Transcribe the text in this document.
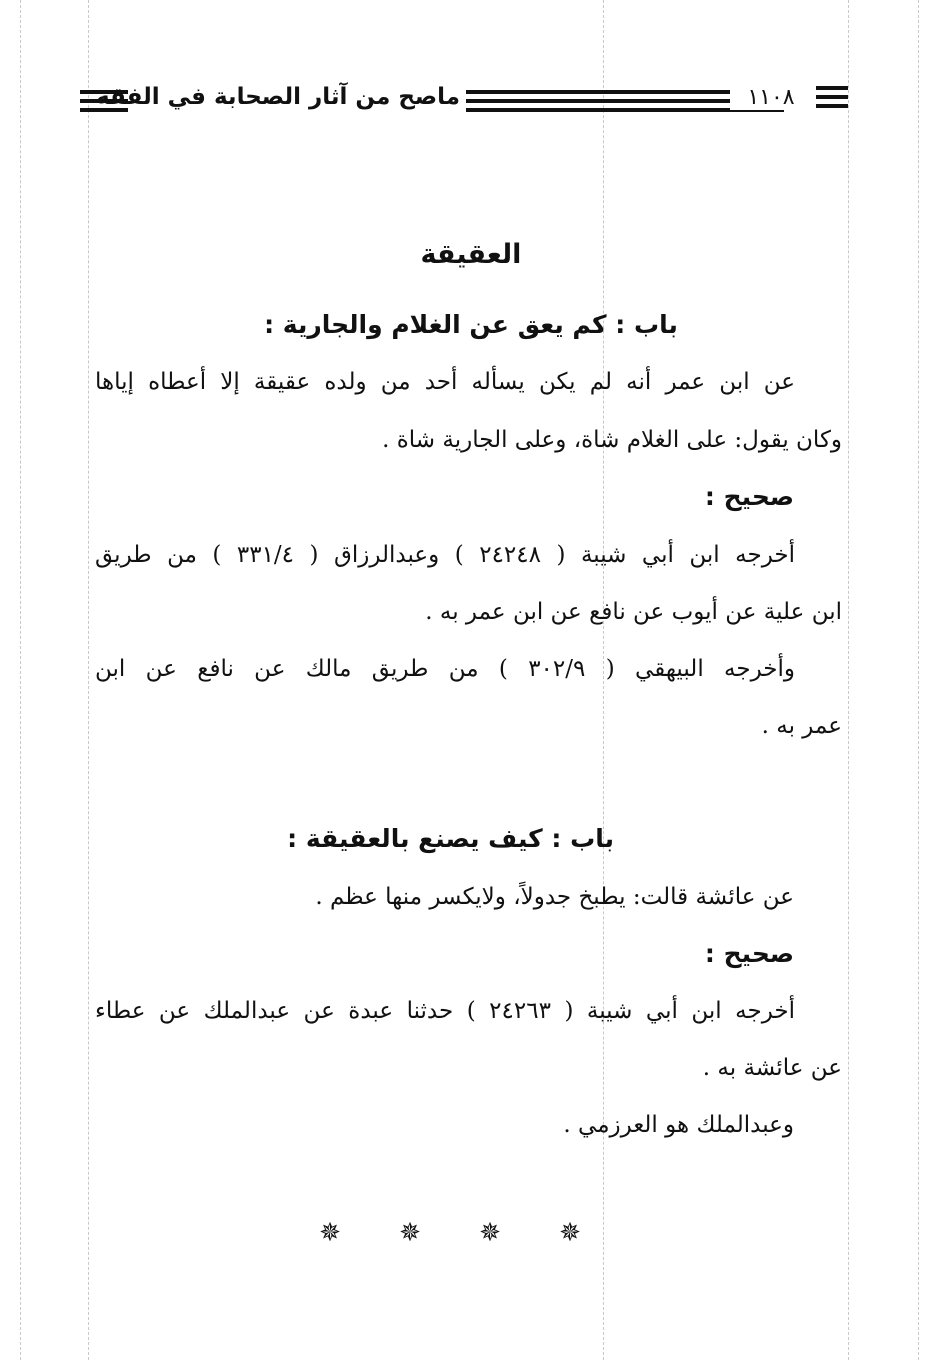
ماصح من آثار الصحابة في الفقه	١١٠٨
العقيقة
باب : كم يعق عن الغلام والجارية :
عن ابن عمر أنه لم يكن يسأله أحد من ولده عقيقة إلا أعطاه إياها
وكان يقول: على الغلام شاة، وعلى الجارية شاة .
صحيح :
أخرجه ابن أبي شيبة ( ٢٤٢٤٨ ) وعبدالرزاق ( ٣٣١/٤ ) من طريق
ابن علية عن أيوب عن نافع عن ابن عمر به .
وأخرجه البيهقي ( ٣٠٢/٩ ) من طريق مالك عن نافع عن ابن
عمر به .
باب : كيف يصنع بالعقيقة :
عن عائشة قالت: يطبخ جدولاً، ولايكسر منها عظم .
صحيح :
أخرجه ابن أبي شيبة ( ٢٤٢٦٣ ) حدثنا عبدة عن عبدالملك عن عطاء
عن عائشة به .
وعبدالملك هو العرزمي .
✵	✵	✵	✵
